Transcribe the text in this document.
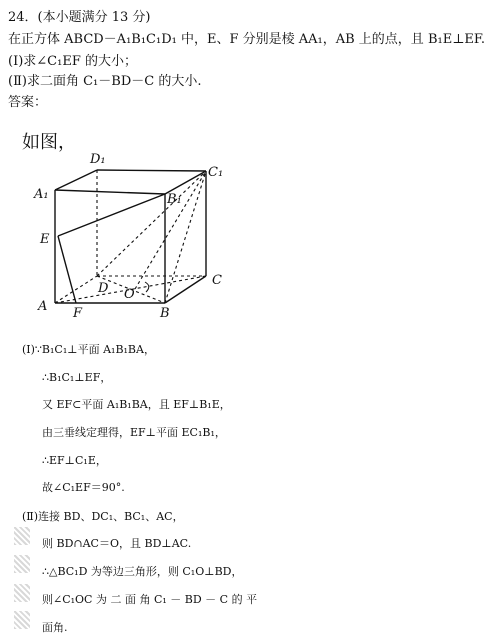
24．(本小题满分 13 分)
在正方体 ABCD－A₁B₁C₁D₁ 中，E、F 分别是棱 AA₁，AB 上的点，且 B₁E⊥EF.
(Ⅰ)求∠C₁EF 的大小；
(Ⅱ)求二面角 C₁－BD－C 的大小.
答案：
如图，
D₁
C₁
A₁	B₁
E
D
C
O
A F	B
(Ⅰ)∵B₁C₁⊥平面 A₁B₁BA，
∴B₁C₁⊥EF，
又 EF⊂平面 A₁B₁BA，且 EF⊥B₁E，
由三垂线定理得，EF⊥平面 EC₁B₁，
∴EF⊥C₁E，
故∠C₁EF＝90°.
(Ⅱ)连接 BD、DC₁、BC₁、AC，
则 BD∩AC＝O，且 BD⊥AC.
∴△BC₁D 为等边三角形，则 C₁O⊥BD，
则∠C₁OC 为 二 面 角 C₁ － BD － C 的 平
面角.
